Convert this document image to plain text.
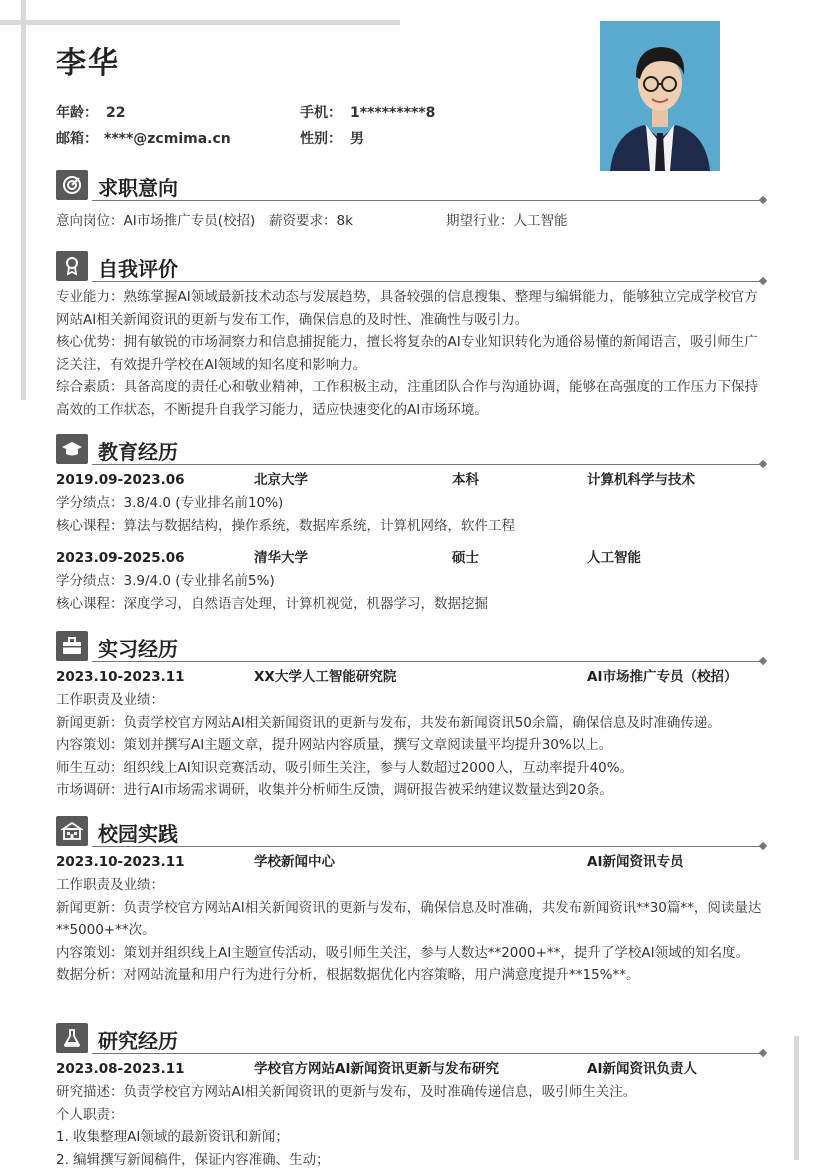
李华
年龄： 22	手机： 1*********8
邮箱： ****@zcmima.cn	性别： 男
求职意向
意向岗位：AI市场推广专员(校招) 薪资要求：8k	期望行业：人工智能
自我评价

专业能力：熟练掌握AI领域最新技术动态与发展趋势，具备较强的信息搜集、整理与编辑能力，能够独立完成学校官方网站AI相关新闻资讯的更新与发布工作，确保信息的及时性、准确性与吸引力。

核心优势：拥有敏锐的市场洞察力和信息捕捉能力，擅长将复杂的AI专业知识转化为通俗易懂的新闻语言，吸引师生广泛关注，有效提升学校在AI领域的知名度和影响力。

综合素质：具备高度的责任心和敬业精神，工作积极主动，注重团队合作与沟通协调，能够在高强度的工作压力下保持高效的工作状态，不断提升自我学习能力，适应快速变化的AI市场环境。

教育经历
2019.09-2023.06	北京大学	本科	计算机科学与技术

学分绩点：3.8/4.0 (专业排名前10%)

核心课程：算法与数据结构，操作系统，数据库系统，计算机网络，软件工程

2023.09-2025.06	清华大学	硕士	人工智能

学分绩点：3.9/4.0 (专业排名前5%)

核心课程：深度学习，自然语言处理，计算机视觉，机器学习，数据挖掘

实习经历
2023.10-2023.11	XX大学人工智能研究院	AI市场推广专员（校招）

工作职责及业绩：

新闻更新：负责学校官方网站AI相关新闻资讯的更新与发布，共发布新闻资讯50余篇，确保信息及时准确传递。

内容策划：策划并撰写AI主题文章，提升网站内容质量，撰写文章阅读量平均提升30%以上。

师生互动：组织线上AI知识竞赛活动，吸引师生关注，参与人数超过2000人，互动率提升40%。

市场调研：进行AI市场需求调研，收集并分析师生反馈，调研报告被采纳建议数量达到20条。

校园实践
2023.10-2023.11	学校新闻中心	AI新闻资讯专员

工作职责及业绩：

新闻更新：负责学校官方网站AI相关新闻资讯的更新与发布，确保信息及时准确，共发布新闻资讯**30篇**，阅读量达**5000+**次。

内容策划：策划并组织线上AI主题宣传活动，吸引师生关注，参与人数达**2000+**，提升了学校AI领域的知名度。

数据分析：对网站流量和用户行为进行分析，根据数据优化内容策略，用户满意度提升**15%**。

研究经历
2023.08-2023.11	学校官方网站AI新闻资讯更新与发布研究	AI新闻资讯负责人

研究描述：负责学校官方网站AI相关新闻资讯的更新与发布，及时准确传递信息，吸引师生关注。

个人职责：

1. 收集整理AI领域的最新资讯和新闻；

2. 编辑撰写新闻稿件，保证内容准确、生动；
